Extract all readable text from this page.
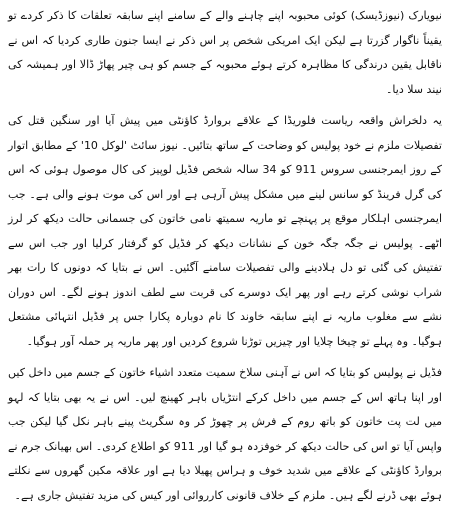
نیویارک (نیوزڈیسک) کوئی محبوبہ اپنے چاہنے والے کے سامنے اپنے سابقہ تعلقات کا ذکر کردے تو یقیناً ناگوار گزرتا ہے لیکن ایک امریکی شخص پر اس ذکر نے ایسا جنون طاری کردیا کہ اس نے ناقابل یقین درندگی کا مظاہرہ کرتے ہوئے محبوبہ کے جسم کو ہی چیر پھاڑ ڈالا اور ہمیشہ کی نیند سلا دیا۔

یہ دلخراش واقعہ ریاست فلوریڈا کے علاقے بروارڈ کاؤنٹی میں پیش آیا اور سنگین قتل کی تفصیلات ملزم نے خود پولیس کو وضاحت کے ساتھ بتائیں۔ نیوز سائٹ 'لوکل 10' کے مطابق اتوار کے روز ایمرجنسی سروس 911 کو 34 سالہ شخص فڈیل لوپیز کی کال موصول ہوئی کہ اس کی گرل فرینڈ کو سانس لینے میں مشکل پیش آرہی ہے اور اس کی موت ہونے والی ہے۔ جب ایمرجنسی اہلکار موقع پر پہنچے تو ماریہ سمیتھ نامی خاتون کی جسمانی حالت دیکھ کر لرز اٹھے۔ پولیس نے جگہ جگہ خون کے نشانات دیکھ کر فڈیل کو گرفتار کرلیا اور جب اس سے تفتیش کی گئی تو دل ہلادینے والی تفصیلات سامنے آگئیں۔ اس نے بتایا کہ دونوں کا رات بھر شراب نوشی کرتے رہے اور پھر ایک دوسرے کی قربت سے لطف اندوز ہونے لگے۔ اس دوران نشے سے مغلوب ماریہ نے اپنے سابقہ خاوند کا نام دوبارہ پکارا جس پر فڈیل انتہائی مشتعل ہوگیا۔ وہ پہلے تو چیخا چلایا اور چیزیں توڑنا شروع کردیں اور پھر ماریہ پر حملہ آور ہوگیا۔

فڈیل نے پولیس کو بتایا کہ اس نے آہنی سلاخ سمیت متعدد اشیاء خاتون کے جسم میں داخل کیں اور اپنا ہاتھ اس کے جسم میں داخل کرکے انتڑیاں باہر کھینچ لیں۔ اس نے یہ بھی بتایا کہ لہو میں لت پت خاتون کو باتھ روم کے فرش پر چھوڑ کر وہ سگریٹ پینے باہر نکل گیا لیکن جب واپس آیا تو اس کی حالت دیکھ کر خوفزدہ ہو گیا اور 911 کو اطلاع کردی۔ اس بھیانک جرم نے بروارڈ کاؤنٹی کے علاقے میں شدید خوف و ہراس پھیلا دیا ہے اور علاقہ مکین گھروں سے نکلتے ہوئے بھی ڈرنے لگے ہیں۔ ملزم کے خلاف قانونی کارروائی اور کیس کی مزید تفتیش جاری ہے۔
